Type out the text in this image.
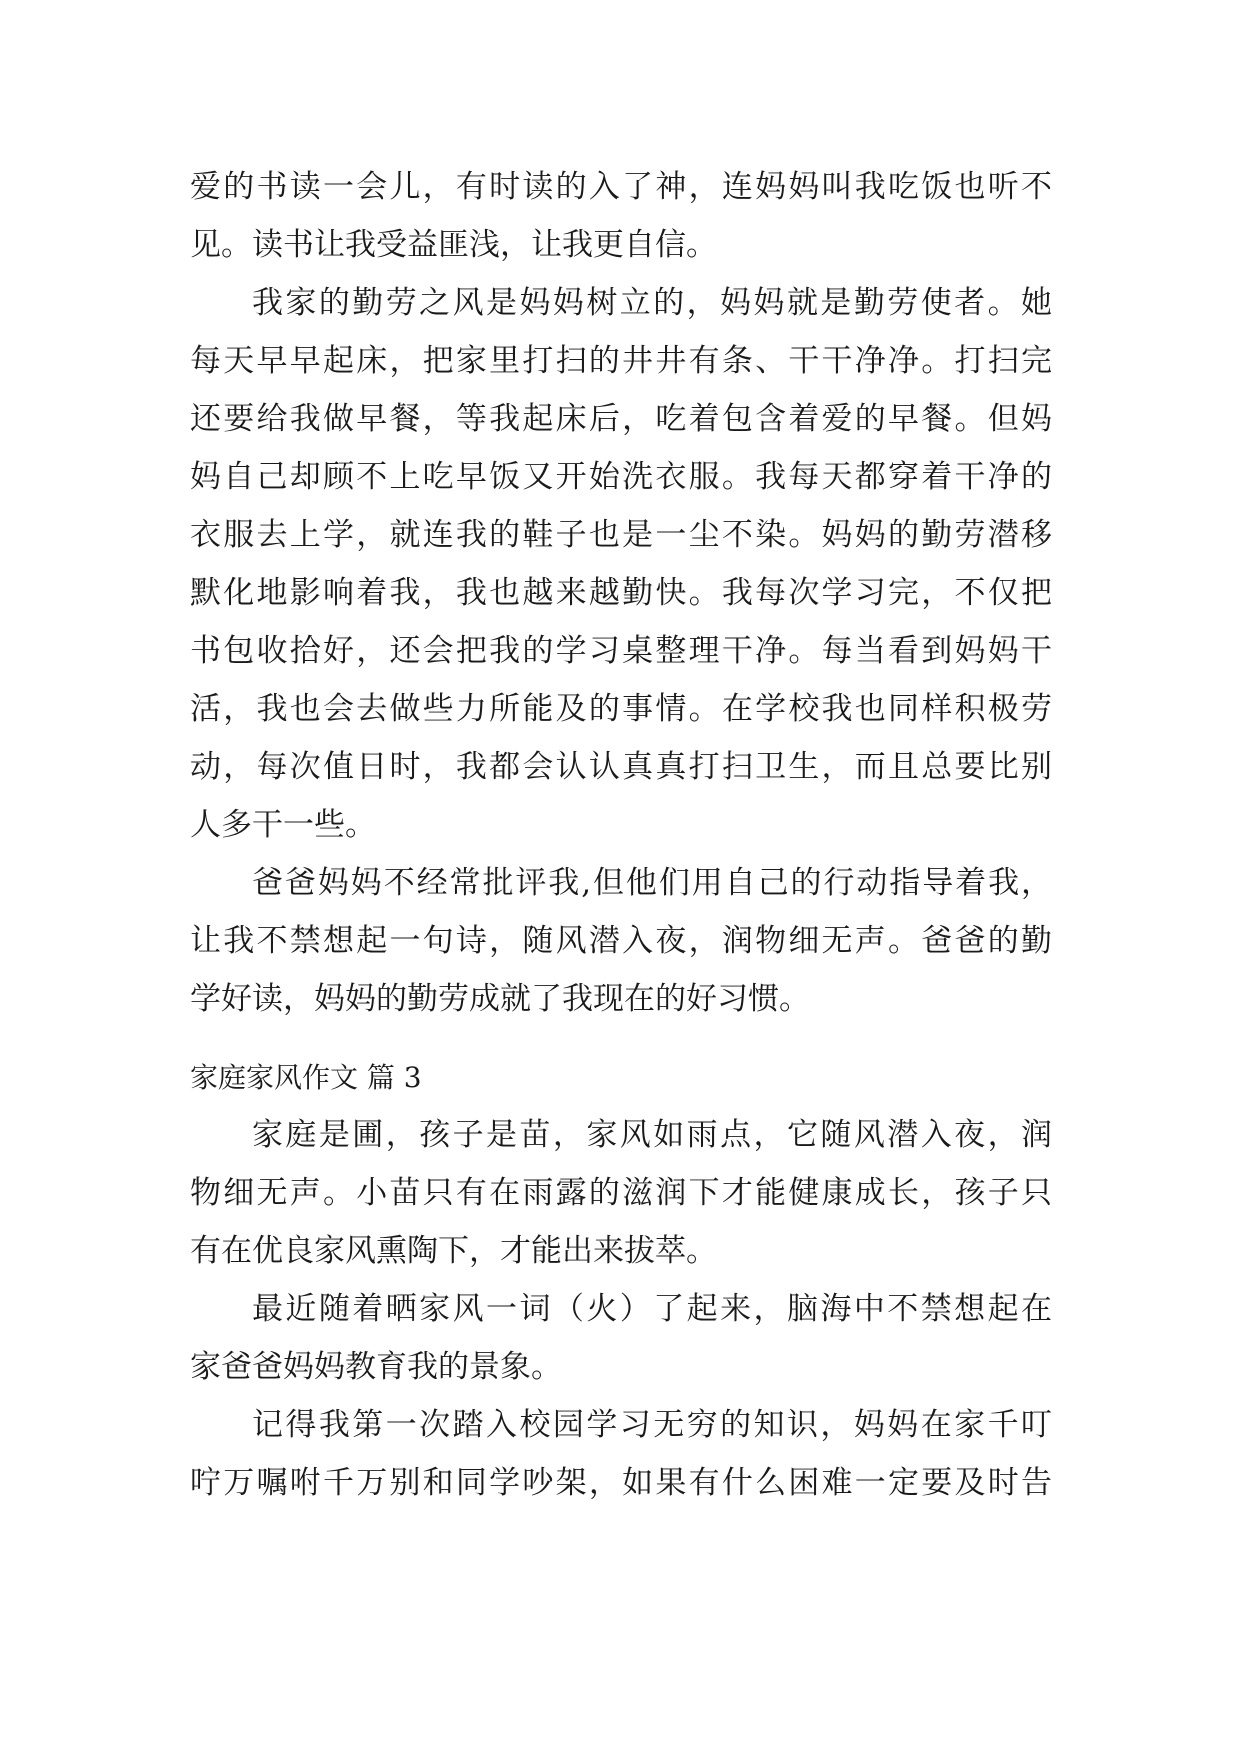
爱的书读一会儿，有时读的入了神，连妈妈叫我吃饭也听不
见。读书让我受益匪浅，让我更自信。
我家的勤劳之风是妈妈树立的，妈妈就是勤劳使者。她
每天早早起床，把家里打扫的井井有条、干干净净。打扫完
还要给我做早餐，等我起床后，吃着包含着爱的早餐。但妈
妈自己却顾不上吃早饭又开始洗衣服。我每天都穿着干净的
衣服去上学，就连我的鞋子也是一尘不染。妈妈的勤劳潜移
默化地影响着我，我也越来越勤快。我每次学习完，不仅把
书包收拾好，还会把我的学习桌整理干净。每当看到妈妈干
活，我也会去做些力所能及的事情。在学校我也同样积极劳
动，每次值日时，我都会认认真真打扫卫生，而且总要比别
人多干一些。
爸爸妈妈不经常批评我,但他们用自己的行动指导着我，
让我不禁想起一句诗，随风潜入夜，润物细无声。爸爸的勤
学好读，妈妈的勤劳成就了我现在的好习惯。
家庭家风作文 篇 3
家庭是圃，孩子是苗，家风如雨点，它随风潜入夜，润
物细无声。小苗只有在雨露的滋润下才能健康成长，孩子只
有在优良家风熏陶下，才能出来拔萃。
最近随着晒家风一词（火）了起来，脑海中不禁想起在
家爸爸妈妈教育我的景象。
记得我第一次踏入校园学习无穷的知识，妈妈在家千叮
咛万嘱咐千万别和同学吵架，如果有什么困难一定要及时告
